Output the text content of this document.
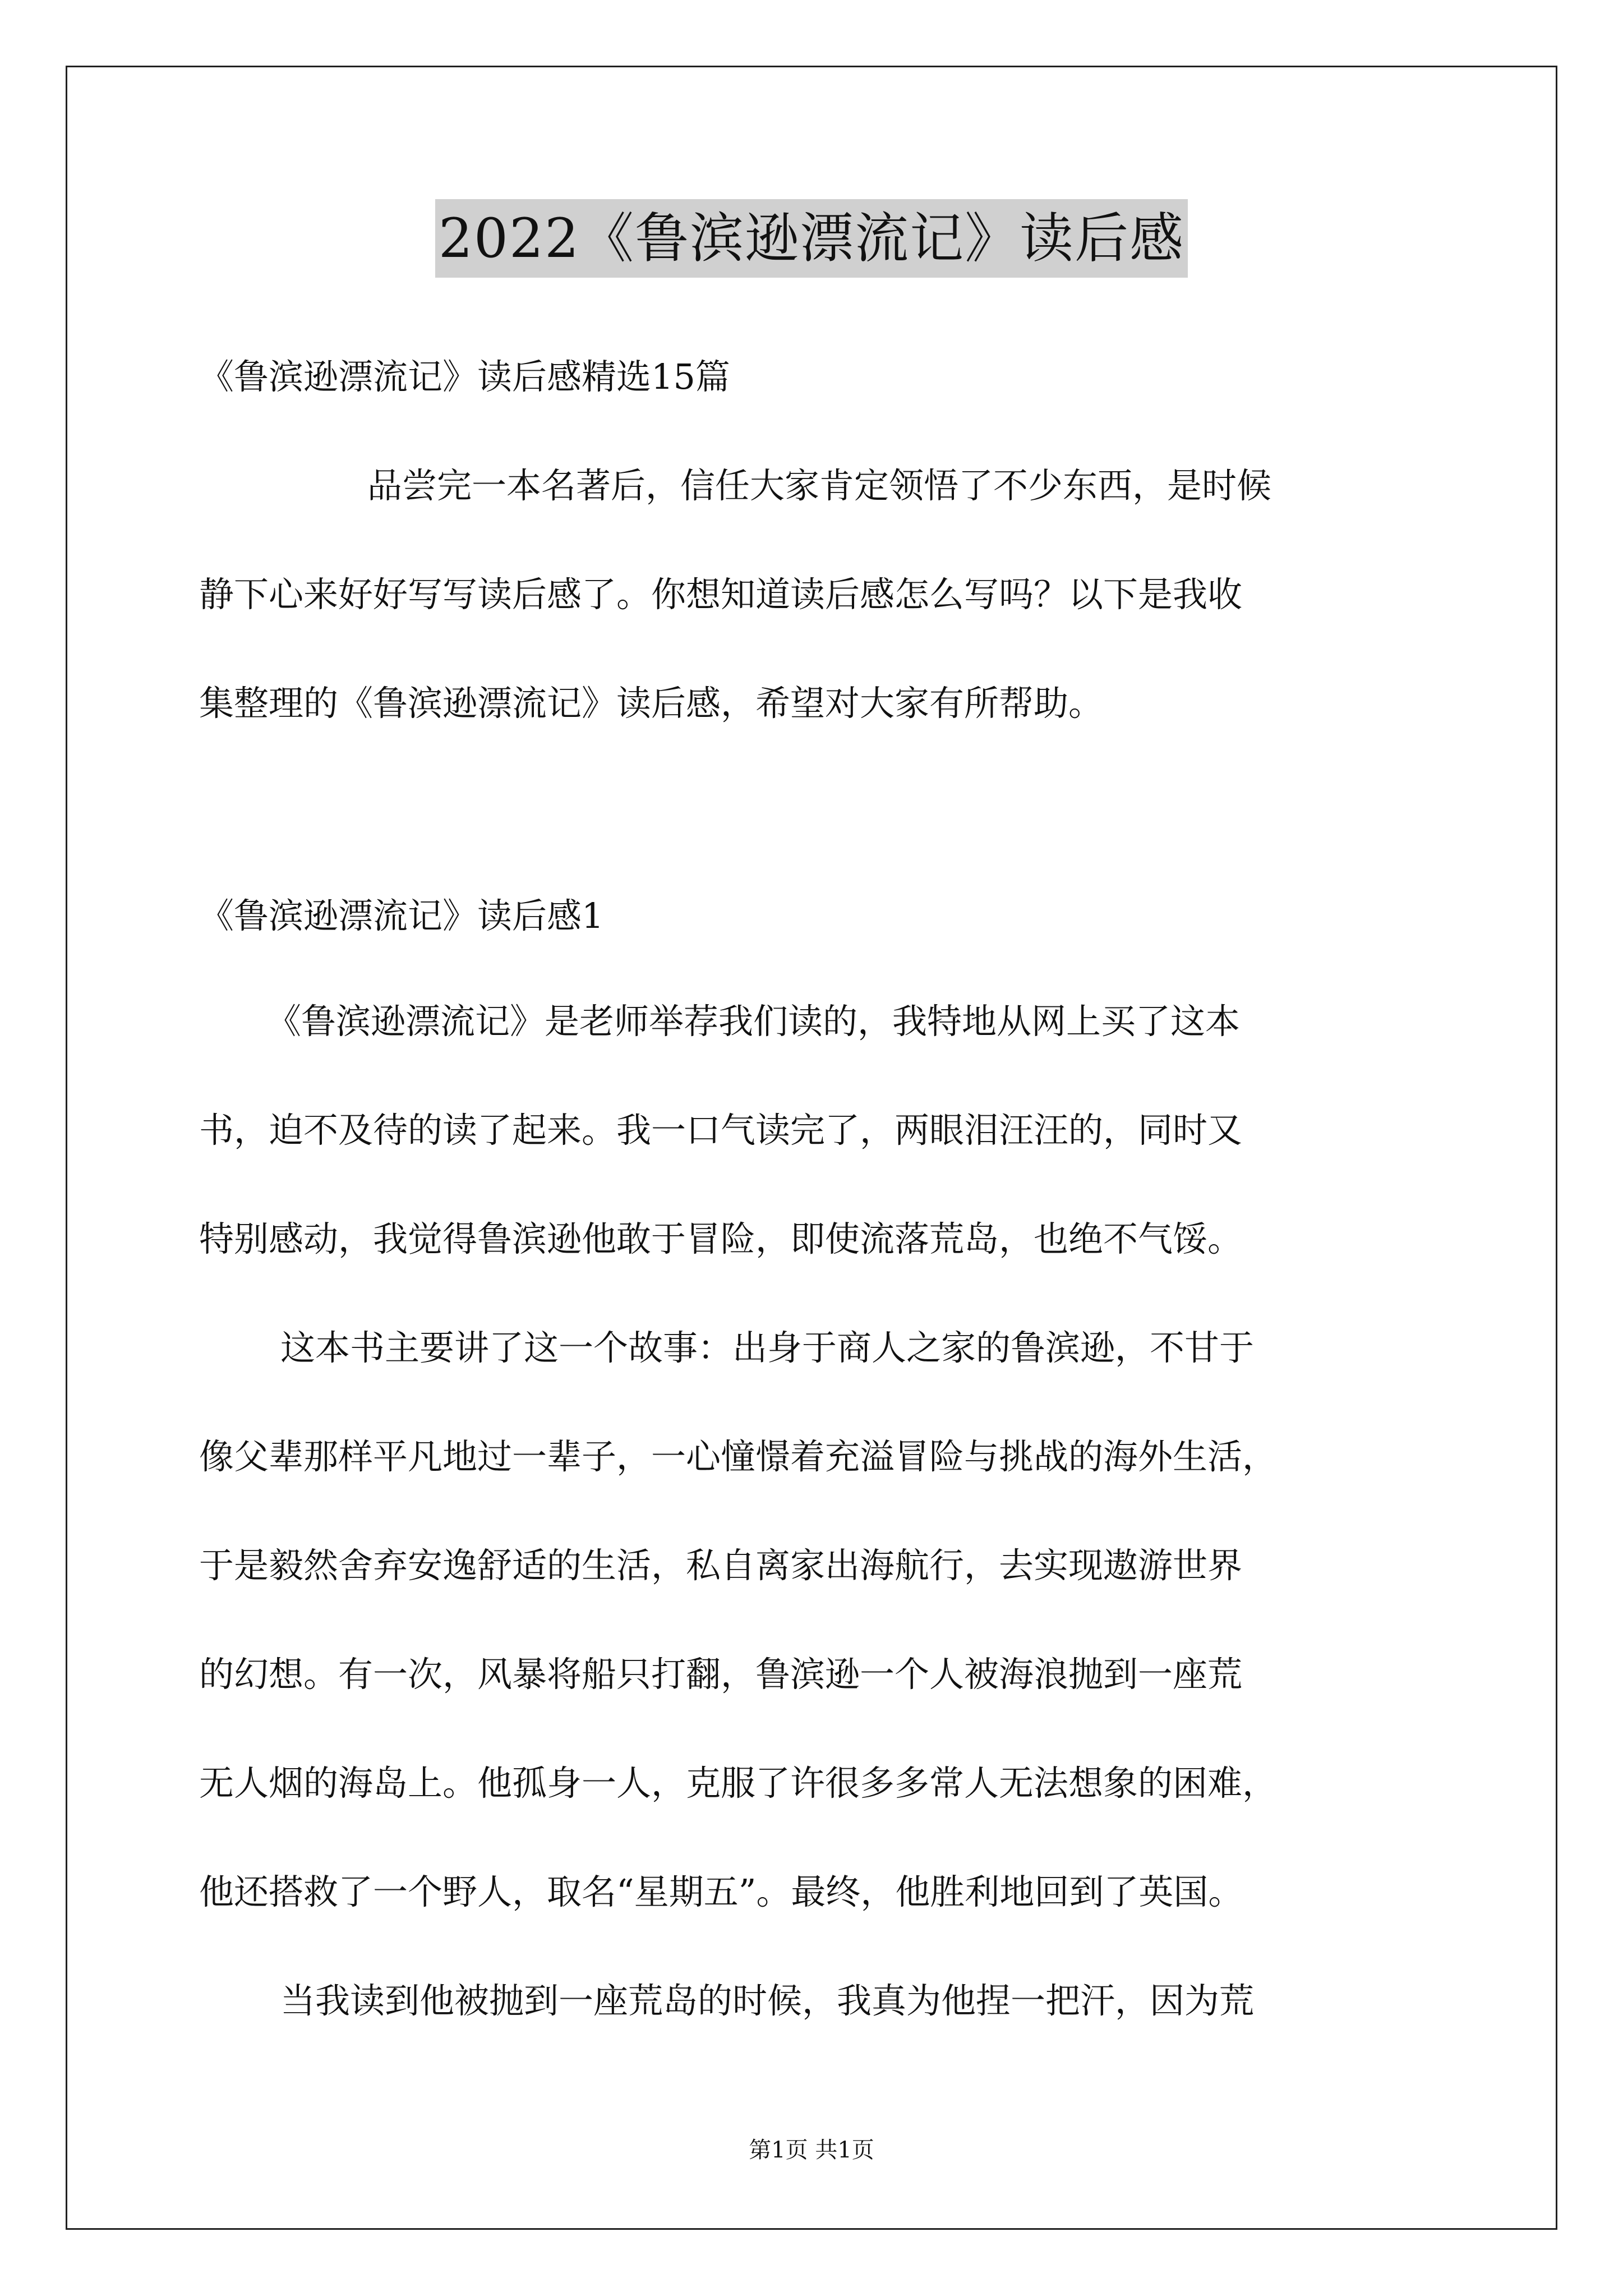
2022《鲁滨逊漂流记》读后感
《鲁滨逊漂流记》读后感精选15篇
品尝完一本名著后，信任大家肯定领悟了不少东西，是时候
静下心来好好写写读后感了。你想知道读后感怎么写吗？以下是我收
集整理的《鲁滨逊漂流记》读后感，希望对大家有所帮助。
《鲁滨逊漂流记》读后感1
《鲁滨逊漂流记》是老师举荐我们读的，我特地从网上买了这本
书，迫不及待的读了起来。我一口气读完了，两眼泪汪汪的，同时又
特别感动，我觉得鲁滨逊他敢于冒险，即使流落荒岛，也绝不气馁。
这本书主要讲了这一个故事：出身于商人之家的鲁滨逊，不甘于
像父辈那样平凡地过一辈子，一心憧憬着充溢冒险与挑战的海外生活，
于是毅然舍弃安逸舒适的生活，私自离家出海航行，去实现遨游世界
的幻想。有一次，风暴将船只打翻，鲁滨逊一个人被海浪抛到一座荒
无人烟的海岛上。他孤身一人，克服了许很多多常人无法想象的困难，
他还搭救了一个野人，取名“星期五”。最终，他胜利地回到了英国。
当我读到他被抛到一座荒岛的时候，我真为他捏一把汗，因为荒
第1页 共1页
